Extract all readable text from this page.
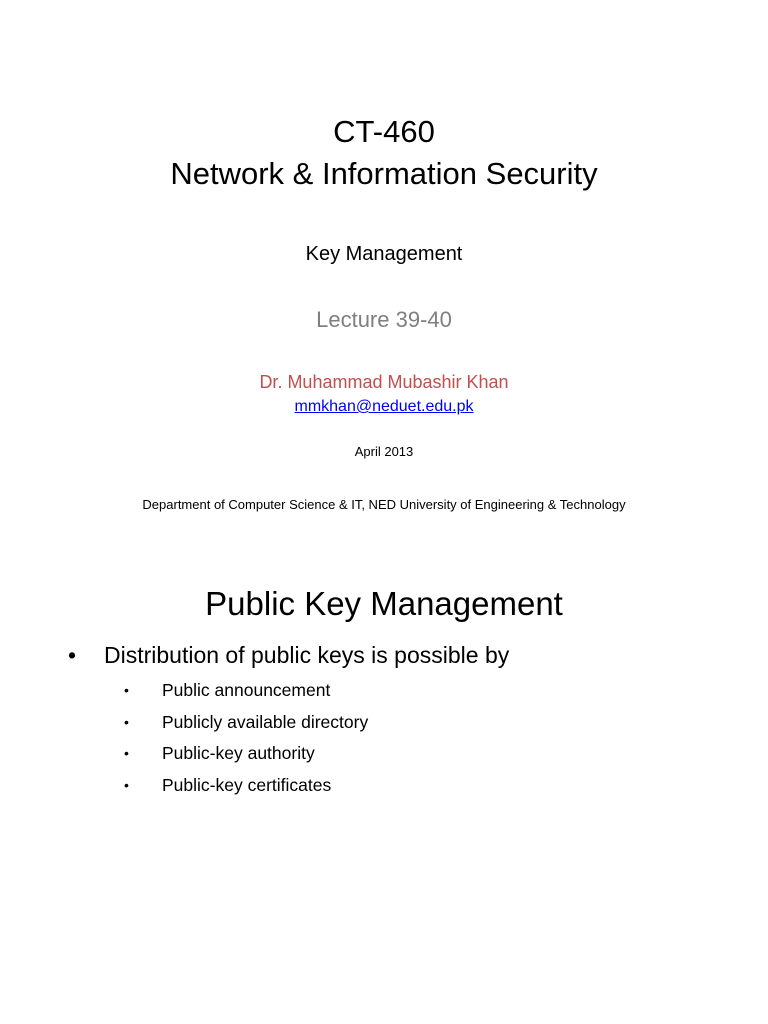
CT-460
Network & Information Security
Key Management
Lecture 39-40
Dr. Muhammad Mubashir Khan
mmkhan@neduet.edu.pk
April 2013
Department of Computer Science & IT, NED University of Engineering & Technology
Public Key Management
• Distribution of public keys is possible by
• Public announcement
• Publicly available directory
• Public-key authority
• Public-key certificates
